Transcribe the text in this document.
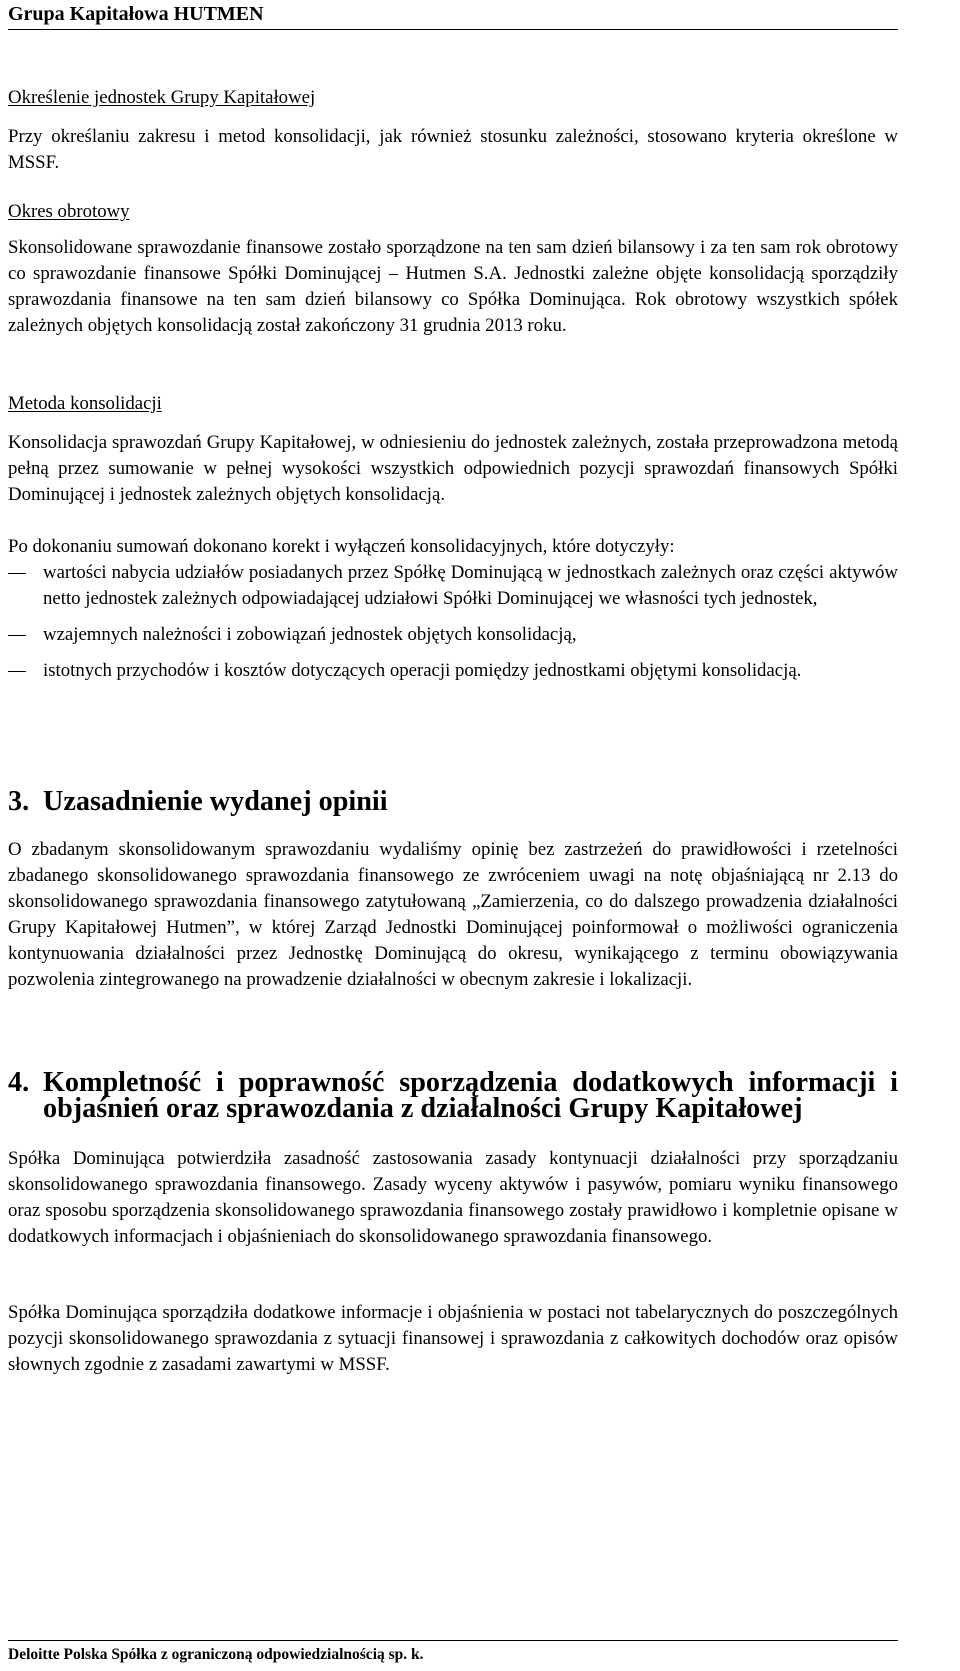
Grupa Kapitałowa HUTMEN

Określenie jednostek Grupy Kapitałowej

Przy określaniu zakresu i metod konsolidacji, jak również stosunku zależności, stosowano kryteria określone w MSSF.

Okres obrotowy

Skonsolidowane sprawozdanie finansowe zostało sporządzone na ten sam dzień bilansowy i za ten sam rok obrotowy co sprawozdanie finansowe Spółki Dominującej – Hutmen S.A. Jednostki zależne objęte konsolidacją sporządziły sprawozdania finansowe na ten sam dzień bilansowy co Spółka Dominująca. Rok obrotowy wszystkich spółek zależnych objętych konsolidacją został zakończony 31 grudnia 2013 roku.

Metoda konsolidacji

Konsolidacja sprawozdań Grupy Kapitałowej, w odniesieniu do jednostek zależnych, została przeprowadzona metodą pełną przez sumowanie w pełnej wysokości wszystkich odpowiednich pozycji sprawozdań finansowych Spółki Dominującej i jednostek zależnych objętych konsolidacją.

Po dokonaniu sumowań dokonano korekt i wyłączeń konsolidacyjnych, które dotyczyły:

wartości nabycia udziałów posiadanych przez Spółkę Dominującą w jednostkach zależnych oraz części aktywów netto jednostek zależnych odpowiadającej udziałowi Spółki Dominującej we własności tych jednostek,
wzajemnych należności i zobowiązań jednostek objętych konsolidacją,
istotnych przychodów i kosztów dotyczących operacji pomiędzy jednostkami objętymi konsolidacją.
3. Uzasadnienie wydanej opinii

O zbadanym skonsolidowanym sprawozdaniu wydaliśmy opinię bez zastrzeżeń do prawidłowości i rzetelności zbadanego skonsolidowanego sprawozdania finansowego ze zwróceniem uwagi na notę objaśniającą nr 2.13 do skonsolidowanego sprawozdania finansowego zatytułowaną „Zamierzenia, co do dalszego prowadzenia działalności Grupy Kapitałowej Hutmen”, w której Zarząd Jednostki Dominującej poinformował o możliwości ograniczenia kontynuowania działalności przez Jednostkę Dominującą do okresu, wynikającego z terminu obowiązywania pozwolenia zintegrowanego na prowadzenie działalności w obecnym zakresie i lokalizacji.

4. Kompletność i poprawność sporządzenia dodatkowych informacji i objaśnień oraz sprawozdania z działalności Grupy Kapitałowej

Spółka Dominująca potwierdziła zasadność zastosowania zasady kontynuacji działalności przy sporządzaniu skonsolidowanego sprawozdania finansowego. Zasady wyceny aktywów i pasywów, pomiaru wyniku finansowego oraz sposobu sporządzenia skonsolidowanego sprawozdania finansowego zostały prawidłowo i kompletnie opisane w dodatkowych informacjach i objaśnieniach do skonsolidowanego sprawozdania finansowego.

Spółka Dominująca sporządziła dodatkowe informacje i objaśnienia w postaci not tabelarycznych do poszczególnych pozycji skonsolidowanego sprawozdania z sytuacji finansowej i sprawozdania z całkowitych dochodów oraz opisów słownych zgodnie z zasadami zawartymi w MSSF.

Deloitte Polska Spółka z ograniczoną odpowiedzialnością sp. k.
